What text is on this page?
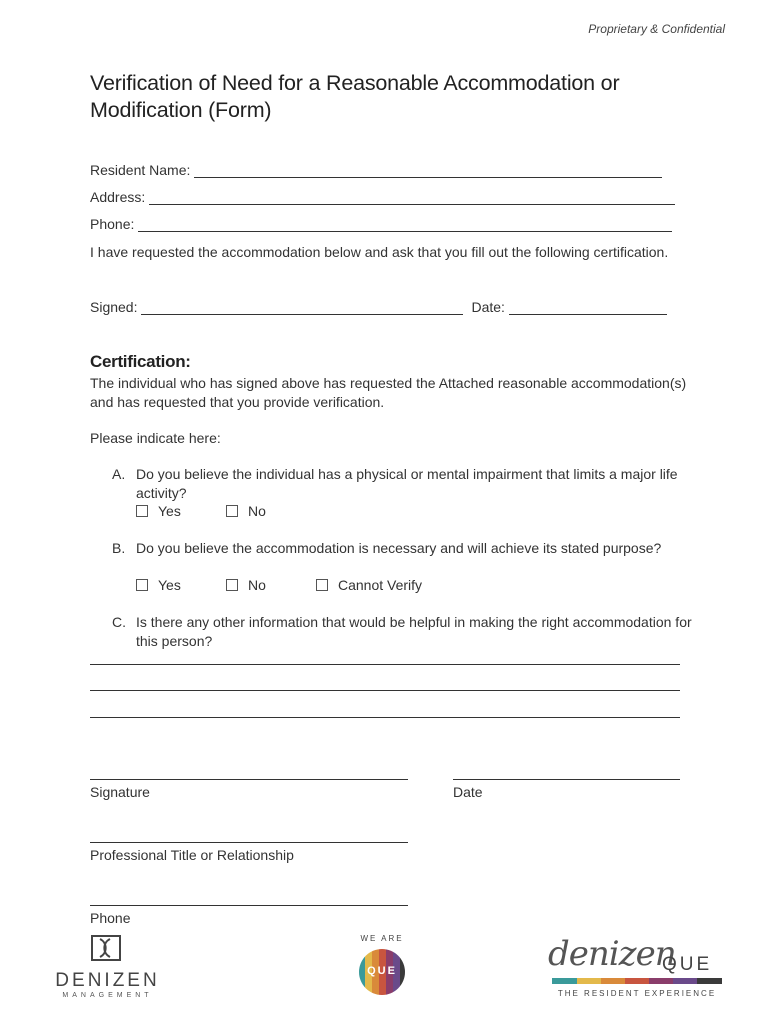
Proprietary & Confidential
Verification of Need for a Reasonable Accommodation or Modification (Form)
Resident Name:
Address:
Phone:
I have requested the accommodation below and ask that you fill out the following certification.
Signed:	Date:
Certification:
The individual who has signed above has requested the Attached reasonable accommodation(s) and has requested that you provide verification.
Please indicate here:
A. Do you believe the individual has a physical or mental impairment that limits a major life activity?
Yes	No
B. Do you believe the accommodation is necessary and will achieve its stated purpose?
Yes	No	Cannot Verify
C. Is there any other information that would be helpful in making the right accommodation for this person?
Signature	Date
Professional Title or Relationship
Phone
DENIZEN
MANAGEMENT
WE ARE
QUE	denizen
QUE
THE RESIDENT EXPERIENCE
